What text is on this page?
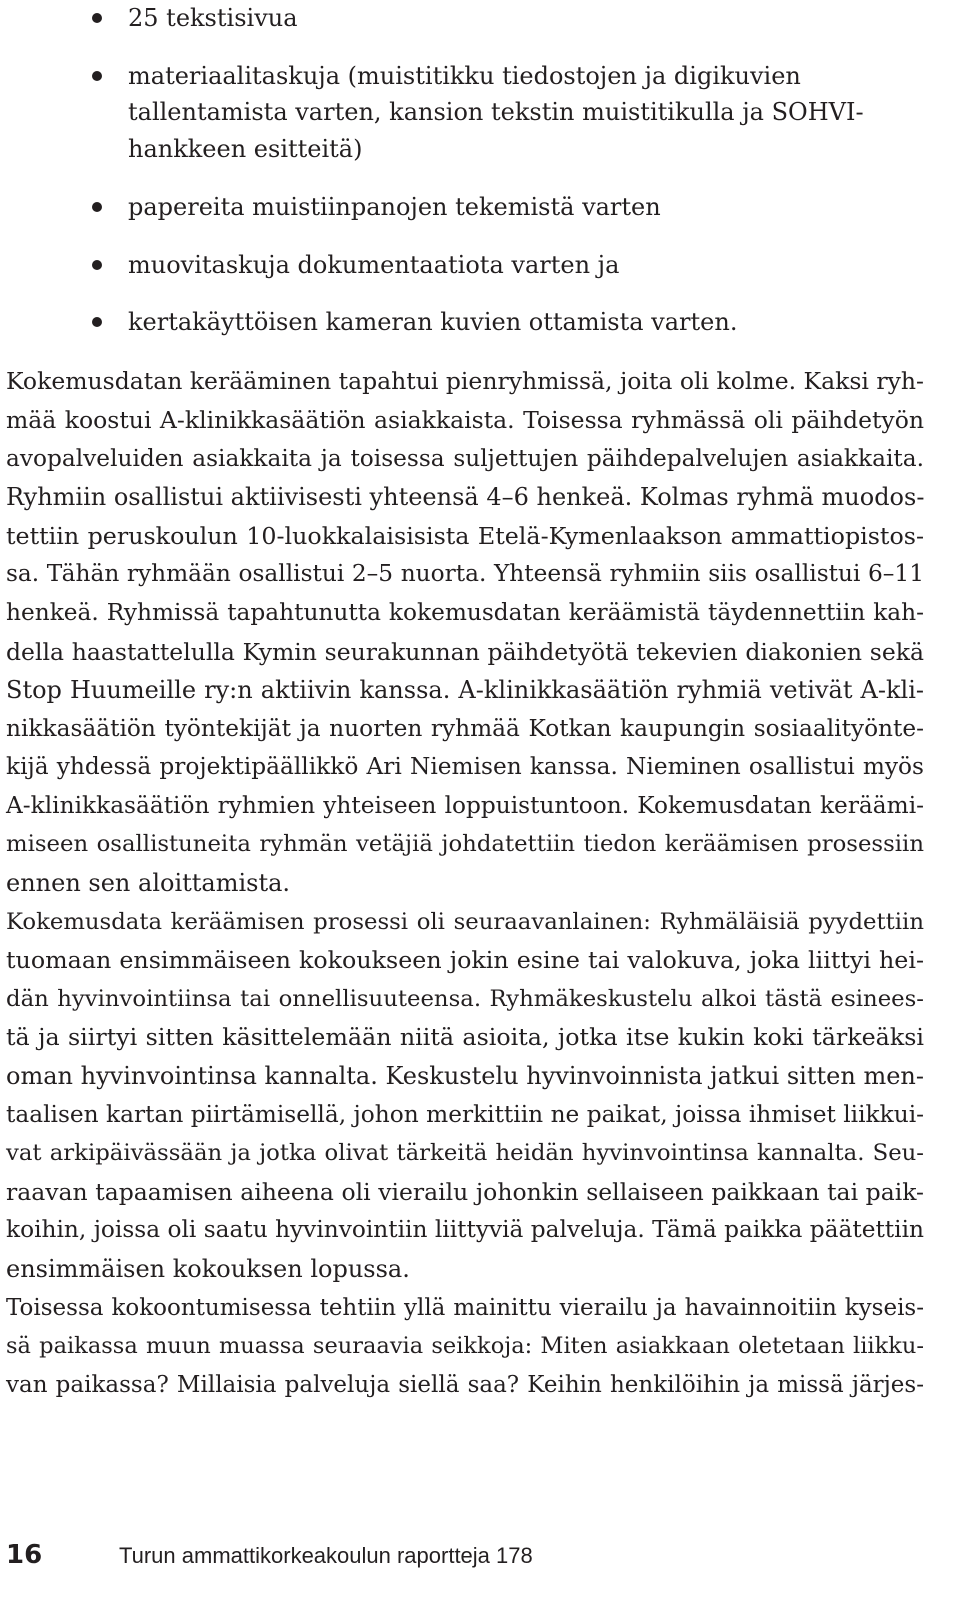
25 tekstisivua
materiaalitaskuja (muistitikku tiedostojen ja digikuvien
tallentamista varten, kansion tekstin muistitikulla ja SOHVI-
hankkeen esitteitä)
papereita muistiinpanojen tekemistä varten
muovitaskuja dokumentaatiota varten ja
kertakäyttöisen kameran kuvien ottamista varten.

Kokemusdatan kerääminen tapahtui pienryhmissä, joita oli kolme. Kaksi ryh-
mää koostui A-klinikkasäätiön asiakkaista. Toisessa ryhmässä oli päihdetyön
avopalveluiden asiakkaita ja toisessa suljettujen päihdepalvelujen asiakkaita.
Ryhmiin osallistui aktiivisesti yhteensä 4–6 henkeä. Kolmas ryhmä muodos-
tettiin peruskoulun 10-luokkalaisisista Etelä-Kymenlaakson ammattiopistos-
sa. Tähän ryhmään osallistui 2–5 nuorta. Yhteensä ryhmiin siis osallistui 6–11
henkeä. Ryhmissä tapahtunutta kokemusdatan keräämistä täydennettiin kah-
della haastattelulla Kymin seurakunnan päihdetyötä tekevien diakonien sekä
Stop Huumeille ry:n aktiivin kanssa. A-klinikkasäätiön ryhmiä vetivät A-kli-
nikkasäätiön työntekijät ja nuorten ryhmää Kotkan kaupungin sosiaalityönte-
kijä yhdessä projektipäällikkö Ari Niemisen kanssa. Nieminen osallistui myös
A-klinikkasäätiön ryhmien yhteiseen loppuistuntoon. Kokemusdatan keräämi-
miseen osallistuneita ryhmän vetäjiä johdatettiin tiedon keräämisen prosessiin
ennen sen aloittamista.

Kokemusdata keräämisen prosessi oli seuraavanlainen: Ryhmäläisiä pyydettiin
tuomaan ensimmäiseen kokoukseen jokin esine tai valokuva, joka liittyi hei-
dän hyvinvointiinsa tai onnellisuuteensa. Ryhmäkeskustelu alkoi tästä esinees-
tä ja siirtyi sitten käsittelemään niitä asioita, jotka itse kukin koki tärkeäksi
oman hyvinvointinsa kannalta. Keskustelu hyvinvoinnista jatkui sitten men-
taalisen kartan piirtämisellä, johon merkittiin ne paikat, joissa ihmiset liikkui-
vat arkipäivässään ja jotka olivat tärkeitä heidän hyvinvointinsa kannalta. Seu-
raavan tapaamisen aiheena oli vierailu johonkin sellaiseen paikkaan tai paik-
koihin, joissa oli saatu hyvinvointiin liittyviä palveluja. Tämä paikka päätettiin
ensimmäisen kokouksen lopussa.

Toisessa kokoontumisessa tehtiin yllä mainittu vierailu ja havainnoitiin kyseis-
sä paikassa muun muassa seuraavia seikkoja: Miten asiakkaan oletetaan liikku-
van paikassa? Millaisia palveluja siellä saa? Keihin henkilöihin ja missä järjes-

16	Turun ammattikorkeakoulun raportteja 178
